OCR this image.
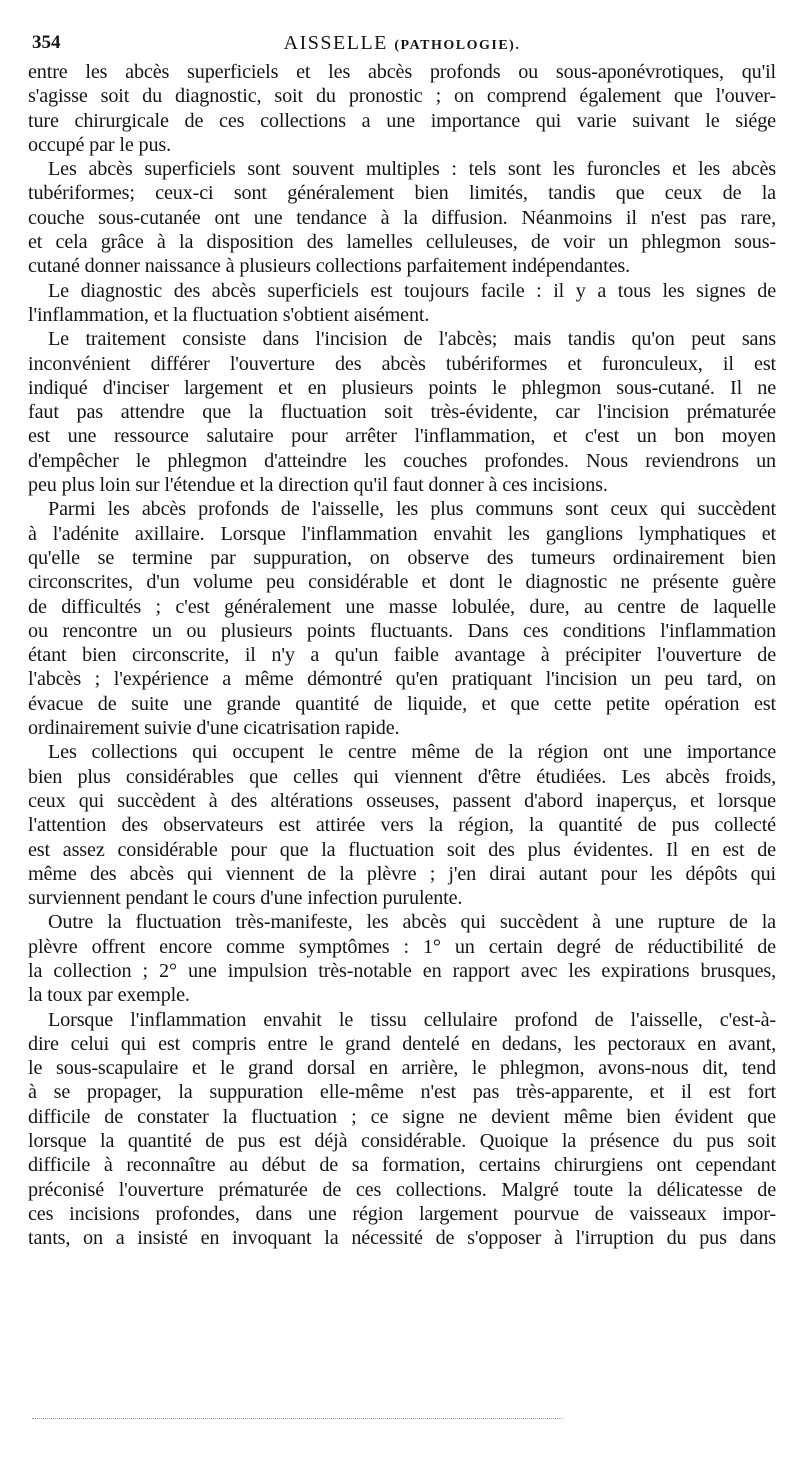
354	AISSELLE (PATHOLOGIE).

entre les abcès superficiels et les abcès profonds ou sous-aponévrotiques, qu'il

s'agisse soit du diagnostic, soit du pronostic ; on comprend également que l'ouver-

ture chirurgicale de ces collections a une importance qui varie suivant le siége

occupé par le pus.

Les abcès superficiels sont souvent multiples : tels sont les furoncles et les abcès

tubériformes; ceux-ci sont généralement bien limités, tandis que ceux de la

couche sous-cutanée ont une tendance à la diffusion. Néanmoins il n'est pas rare,

et cela grâce à la disposition des lamelles celluleuses, de voir un phlegmon sous-

cutané donner naissance à plusieurs collections parfaitement indépendantes.

Le diagnostic des abcès superficiels est toujours facile : il y a tous les signes de

l'inflammation, et la fluctuation s'obtient aisément.

Le traitement consiste dans l'incision de l'abcès; mais tandis qu'on peut sans

inconvénient différer l'ouverture des abcès tubériformes et furonculeux, il est

indiqué d'inciser largement et en plusieurs points le phlegmon sous-cutané. Il ne

faut pas attendre que la fluctuation soit très-évidente, car l'incision prématurée

est une ressource salutaire pour arrêter l'inflammation, et c'est un bon moyen

d'empêcher le phlegmon d'atteindre les couches profondes. Nous reviendrons un

peu plus loin sur l'étendue et la direction qu'il faut donner à ces incisions.

Parmi les abcès profonds de l'aisselle, les plus communs sont ceux qui succèdent

à l'adénite axillaire. Lorsque l'inflammation envahit les ganglions lymphatiques et

qu'elle se termine par suppuration, on observe des tumeurs ordinairement bien

circonscrites, d'un volume peu considérable et dont le diagnostic ne présente guère

de difficultés ; c'est généralement une masse lobulée, dure, au centre de laquelle

ou rencontre un ou plusieurs points fluctuants. Dans ces conditions l'inflammation

étant bien circonscrite, il n'y a qu'un faible avantage à précipiter l'ouverture de

l'abcès ; l'expérience a même démontré qu'en pratiquant l'incision un peu tard, on

évacue de suite une grande quantité de liquide, et que cette petite opération est

ordinairement suivie d'une cicatrisation rapide.

Les collections qui occupent le centre même de la région ont une importance

bien plus considérables que celles qui viennent d'être étudiées. Les abcès froids,

ceux qui succèdent à des altérations osseuses, passent d'abord inaperçus, et lorsque

l'attention des observateurs est attirée vers la région, la quantité de pus collecté

est assez considérable pour que la fluctuation soit des plus évidentes. Il en est de

même des abcès qui viennent de la plèvre ; j'en dirai autant pour les dépôts qui

surviennent pendant le cours d'une infection purulente.

Outre la fluctuation très-manifeste, les abcès qui succèdent à une rupture de la

plèvre offrent encore comme symptômes : 1° un certain degré de réductibilité de

la collection ; 2° une impulsion très-notable en rapport avec les expirations brusques,

la toux par exemple.

Lorsque l'inflammation envahit le tissu cellulaire profond de l'aisselle, c'est-à-

dire celui qui est compris entre le grand dentelé en dedans, les pectoraux en avant,

le sous-scapulaire et le grand dorsal en arrière, le phlegmon, avons-nous dit, tend

à se propager, la suppuration elle-même n'est pas très-apparente, et il est fort

difficile de constater la fluctuation ; ce signe ne devient même bien évident que

lorsque la quantité de pus est déjà considérable. Quoique la présence du pus soit

difficile à reconnaître au début de sa formation, certains chirurgiens ont cependant

préconisé l'ouverture prématurée de ces collections. Malgré toute la délicatesse de

ces incisions profondes, dans une région largement pourvue de vaisseaux impor-

tants, on a insisté en invoquant la nécessité de s'opposer à l'irruption du pus dans
